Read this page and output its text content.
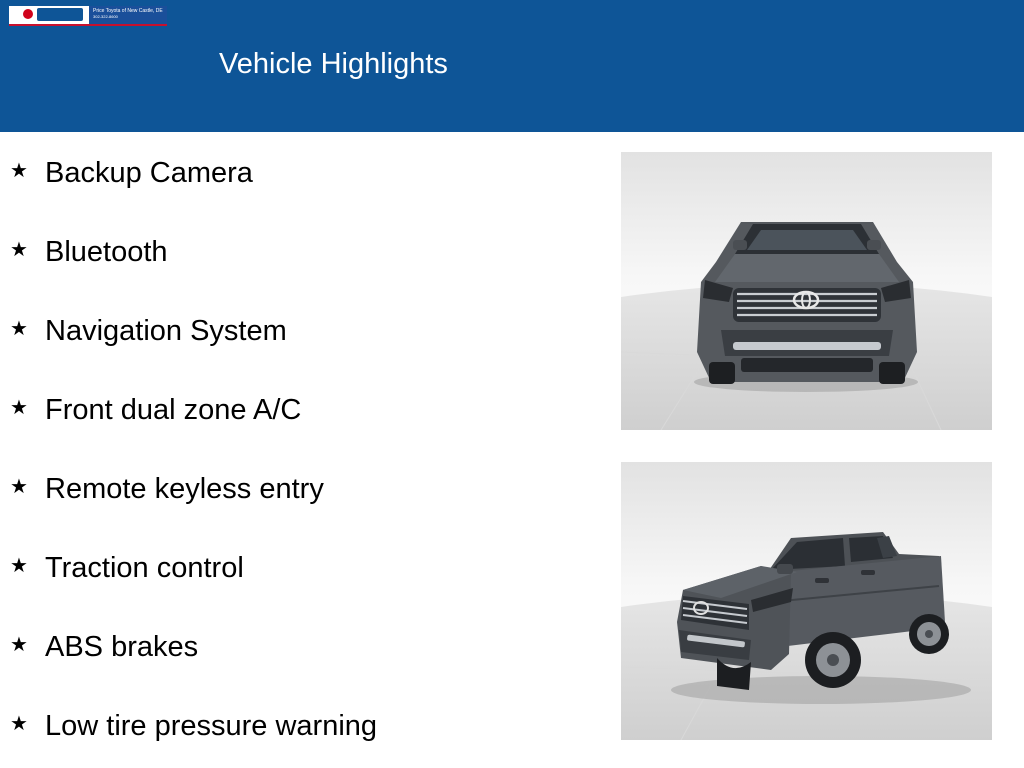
Price Toyota of New Castle, DE
302-322-8600
Vehicle Highlights
★ Backup Camera
★ Bluetooth
★ Navigation System
★ Front dual zone A/C
★ Remote keyless entry
★ Traction control
★ ABS brakes
★ Low tire pressure warning
